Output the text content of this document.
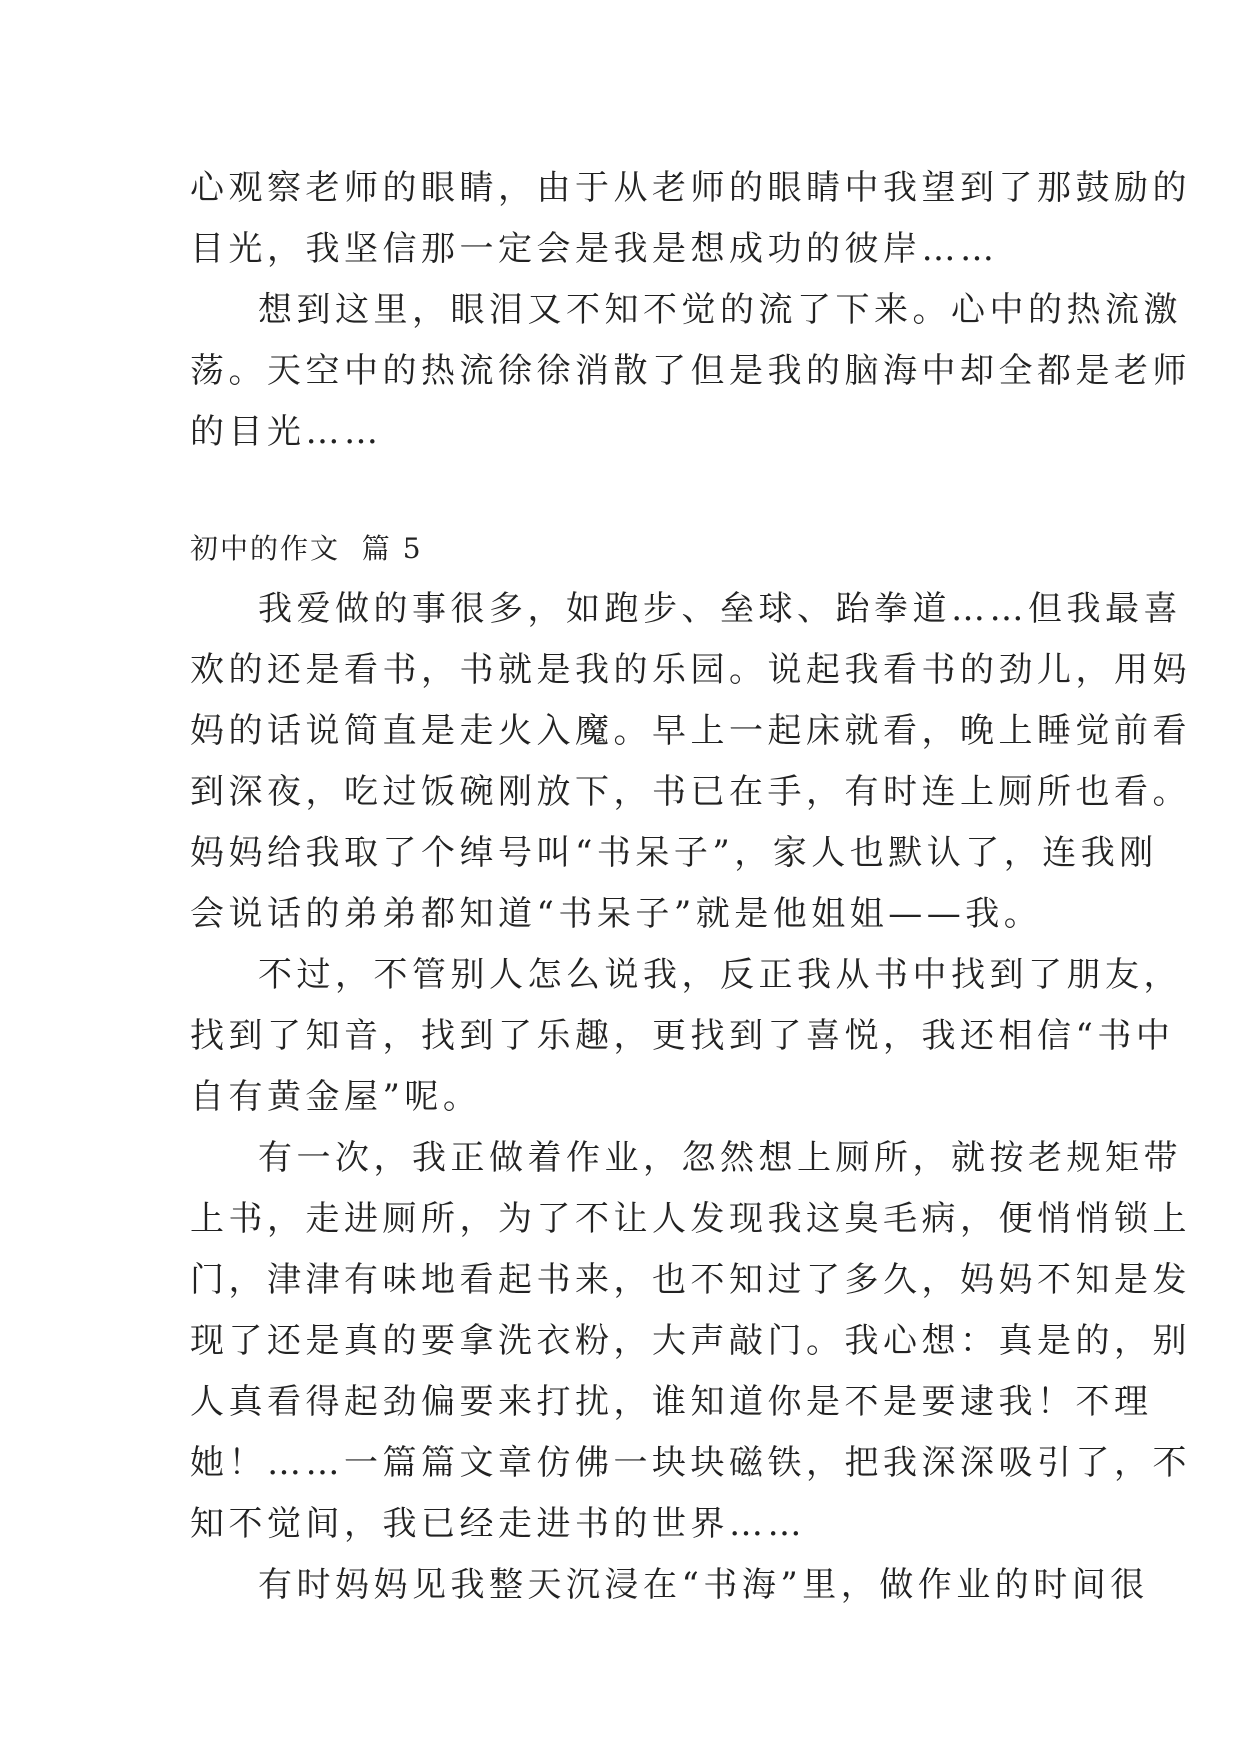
心观察老师的眼睛，由于从老师的眼睛中我望到了那鼓励的
目光，我坚信那一定会是我是想成功的彼岸……
想到这里，眼泪又不知不觉的流了下来。心中的热流激
荡。天空中的热流徐徐消散了但是我的脑海中却全都是老师
的目光……
初中的作文  篇 5
我爱做的事很多，如跑步、垒球、跆拳道……但我最喜
欢的还是看书，书就是我的乐园。说起我看书的劲儿，用妈
妈的话说简直是走火入魔。早上一起床就看，晚上睡觉前看
到深夜，吃过饭碗刚放下，书已在手，有时连上厕所也看。
妈妈给我取了个绰号叫“书呆子”，家人也默认了，连我刚
会说话的弟弟都知道“书呆子”就是他姐姐——我。
不过，不管别人怎么说我，反正我从书中找到了朋友，
找到了知音，找到了乐趣，更找到了喜悦，我还相信“书中
自有黄金屋”呢。
有一次，我正做着作业，忽然想上厕所，就按老规矩带
上书，走进厕所，为了不让人发现我这臭毛病，便悄悄锁上
门，津津有味地看起书来，也不知过了多久，妈妈不知是发
现了还是真的要拿洗衣粉，大声敲门。我心想：真是的，别
人真看得起劲偏要来打扰，谁知道你是不是要逮我！不理
她！……一篇篇文章仿佛一块块磁铁，把我深深吸引了，不
知不觉间，我已经走进书的世界……
有时妈妈见我整天沉浸在“书海”里，做作业的时间很
